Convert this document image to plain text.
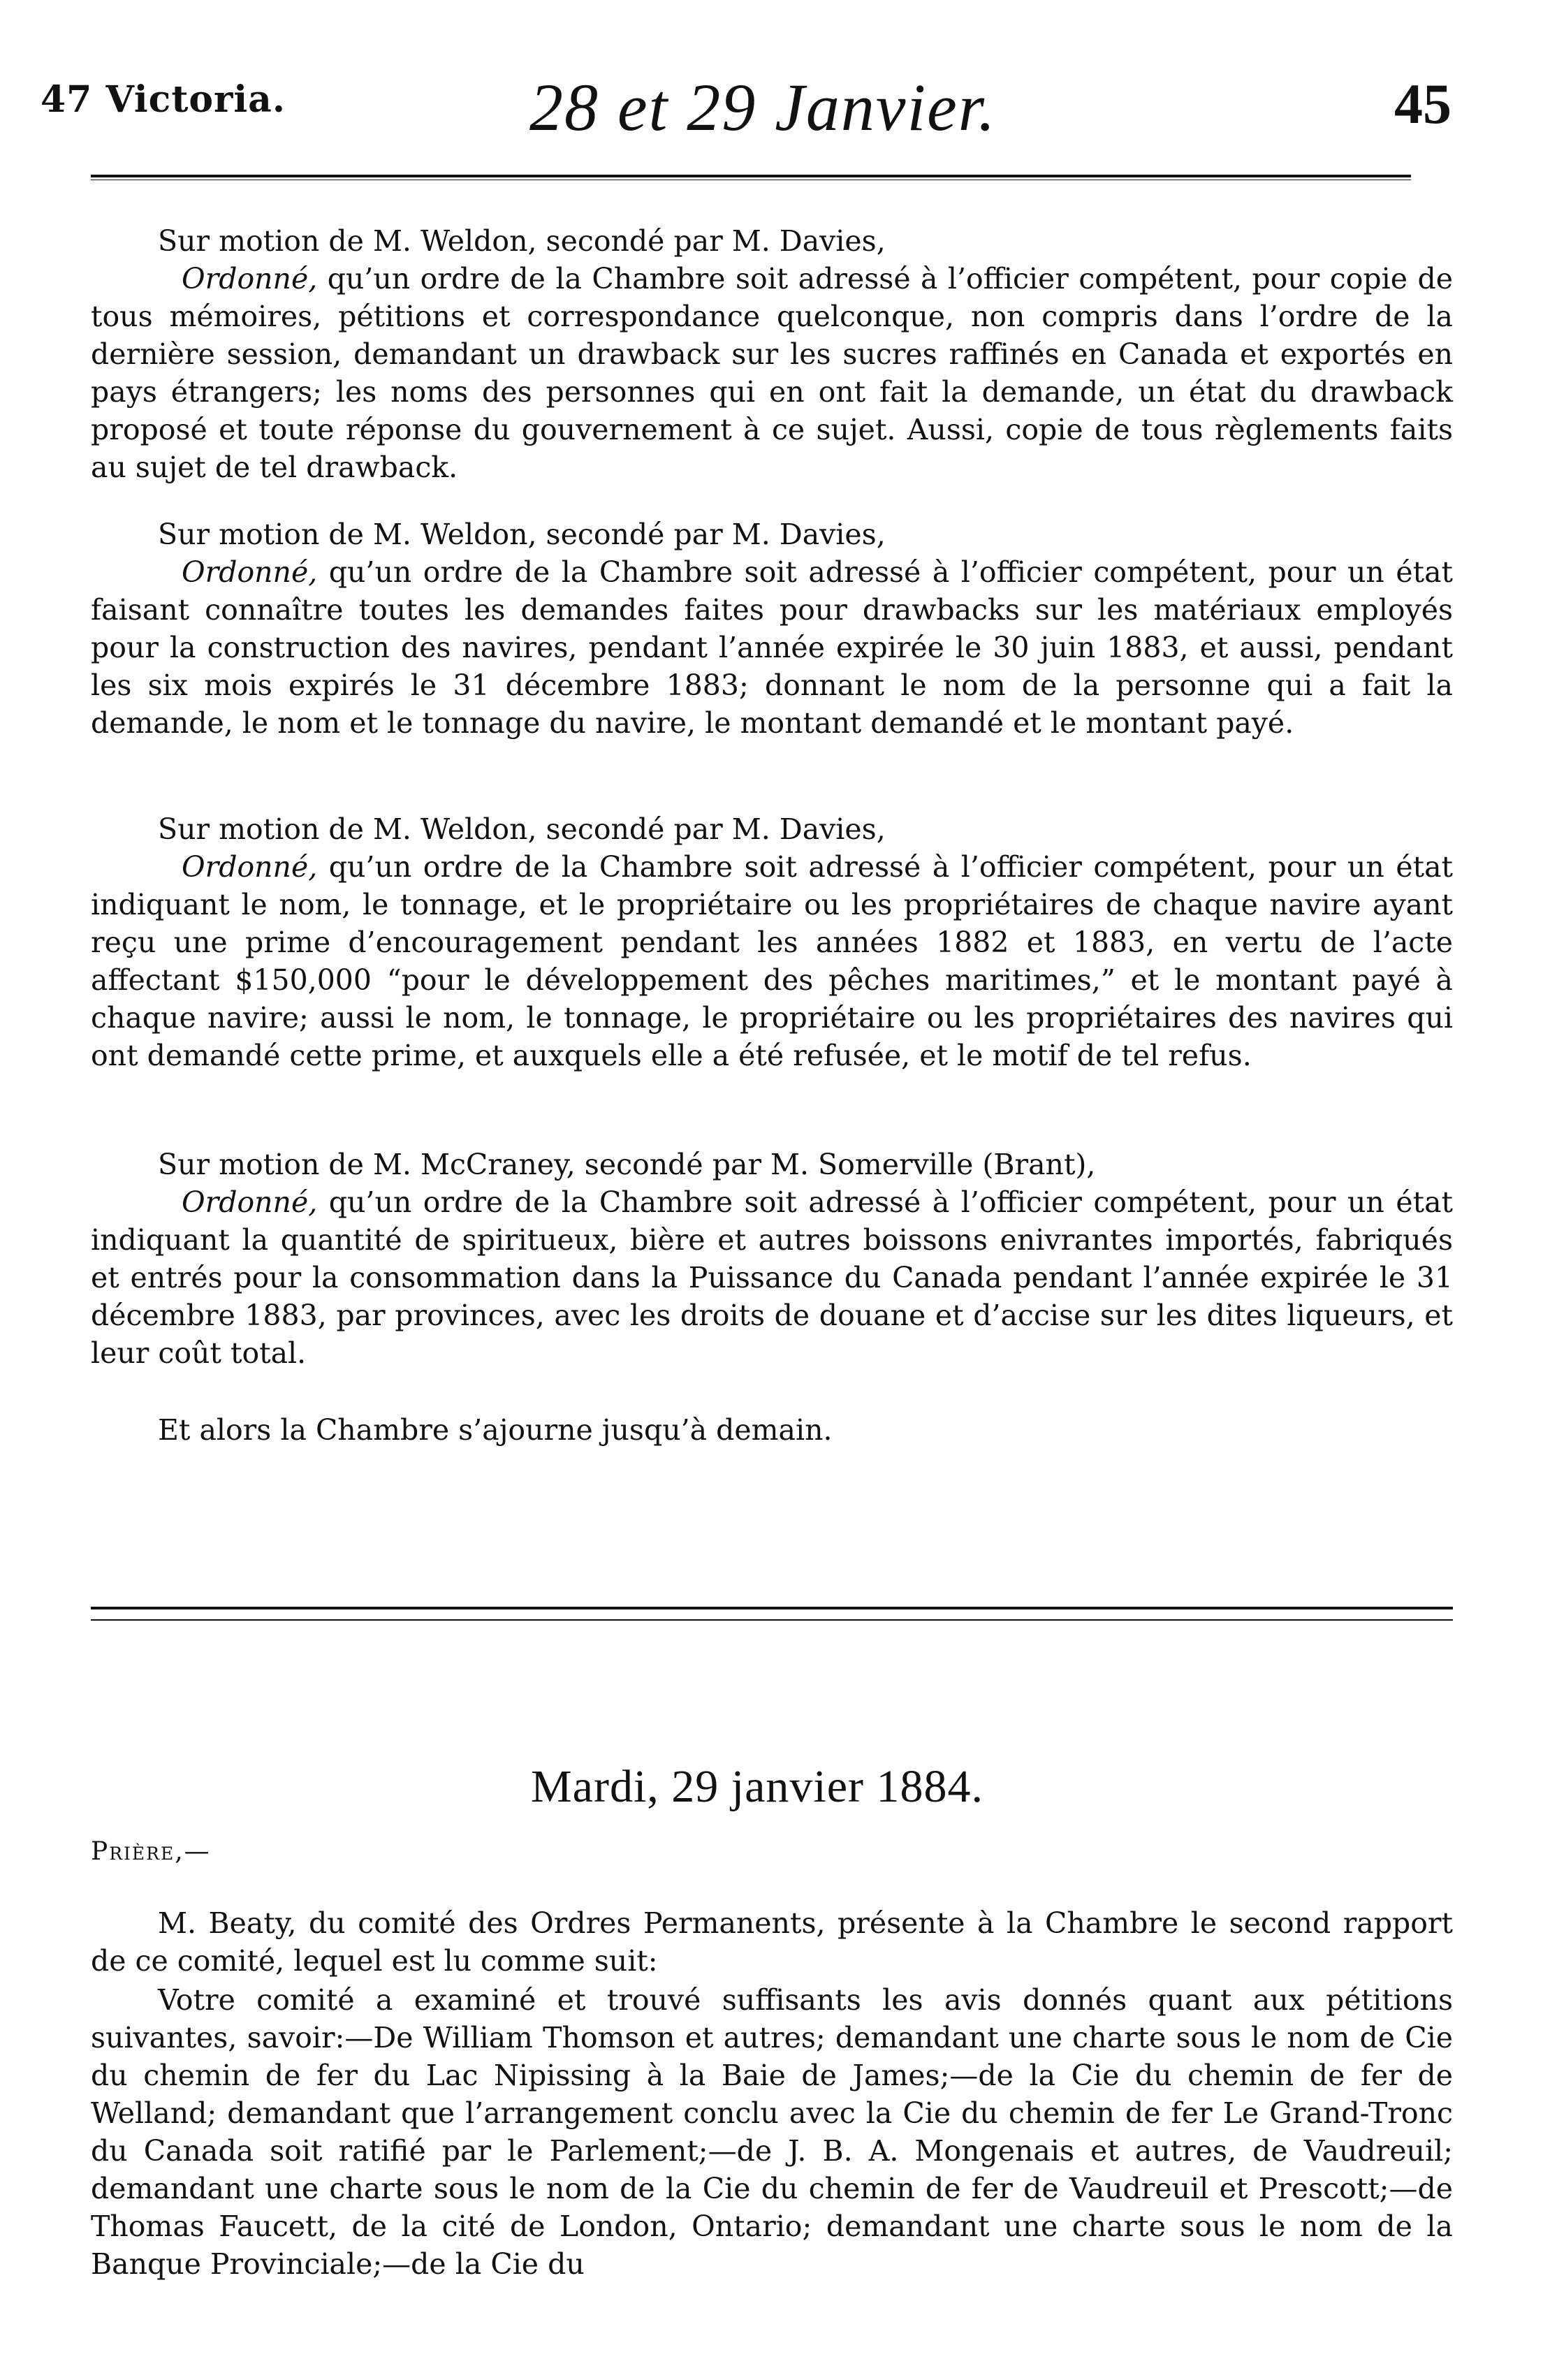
47 Victoria.	28 et 29 Janvier.	45
Sur motion de M. Weldon, secondé par M. Davies,
Ordonné, qu’un ordre de la Chambre soit adressé à l’officier compétent, pour copie de tous mémoires, pétitions et correspondance quelconque, non compris dans l’ordre de la dernière session, demandant un drawback sur les sucres raffinés en Canada et exportés en pays étrangers; les noms des personnes qui en ont fait la demande, un état du drawback proposé et toute réponse du gouvernement à ce sujet. Aussi, copie de tous règlements faits au sujet de tel drawback.
Sur motion de M. Weldon, secondé par M. Davies,
Ordonné, qu’un ordre de la Chambre soit adressé à l’officier compétent, pour un état faisant connaître toutes les demandes faites pour drawbacks sur les matériaux employés pour la construction des navires, pendant l’année expirée le 30 juin 1883, et aussi, pendant les six mois expirés le 31 décembre 1883; donnant le nom de la personne qui a fait la demande, le nom et le tonnage du navire, le montant demandé et le montant payé.
Sur motion de M. Weldon, secondé par M. Davies,
Ordonné, qu’un ordre de la Chambre soit adressé à l’officier compétent, pour un état indiquant le nom, le tonnage, et le propriétaire ou les propriétaires de chaque navire ayant reçu une prime d’encouragement pendant les années 1882 et 1883, en vertu de l’acte affectant $150,000 “pour le développement des pêches maritimes,” et le montant payé à chaque navire; aussi le nom, le tonnage, le propriétaire ou les propriétaires des navires qui ont demandé cette prime, et auxquels elle a été refusée, et le motif de tel refus.
Sur motion de M. McCraney, secondé par M. Somerville (Brant),
Ordonné, qu’un ordre de la Chambre soit adressé à l’officier compétent, pour un état indiquant la quantité de spiritueux, bière et autres boissons enivrantes importés, fabriqués et entrés pour la consommation dans la Puissance du Canada pendant l’année expirée le 31 décembre 1883, par provinces, avec les droits de douane et d’accise sur les dites liqueurs, et leur coût total.
Et alors la Chambre s’ajourne jusqu’à demain.
Mardi, 29 janvier 1884.
Prière,—
M. Beaty, du comité des Ordres Permanents, présente à la Chambre le second rapport de ce comité, lequel est lu comme suit:
Votre comité a examiné et trouvé suffisants les avis donnés quant aux pétitions suivantes, savoir:—De William Thomson et autres; demandant une charte sous le nom de Cie du chemin de fer du Lac Nipissing à la Baie de James;—de la Cie du chemin de fer de Welland; demandant que l’arrangement conclu avec la Cie du chemin de fer Le Grand-Tronc du Canada soit ratifié par le Parlement;—de J. B. A. Mongenais et autres, de Vaudreuil; demandant une charte sous le nom de la Cie du chemin de fer de Vaudreuil et Prescott;—de Thomas Faucett, de la cité de London, Ontario; demandant une charte sous le nom de la Banque Provinciale;—de la Cie du
